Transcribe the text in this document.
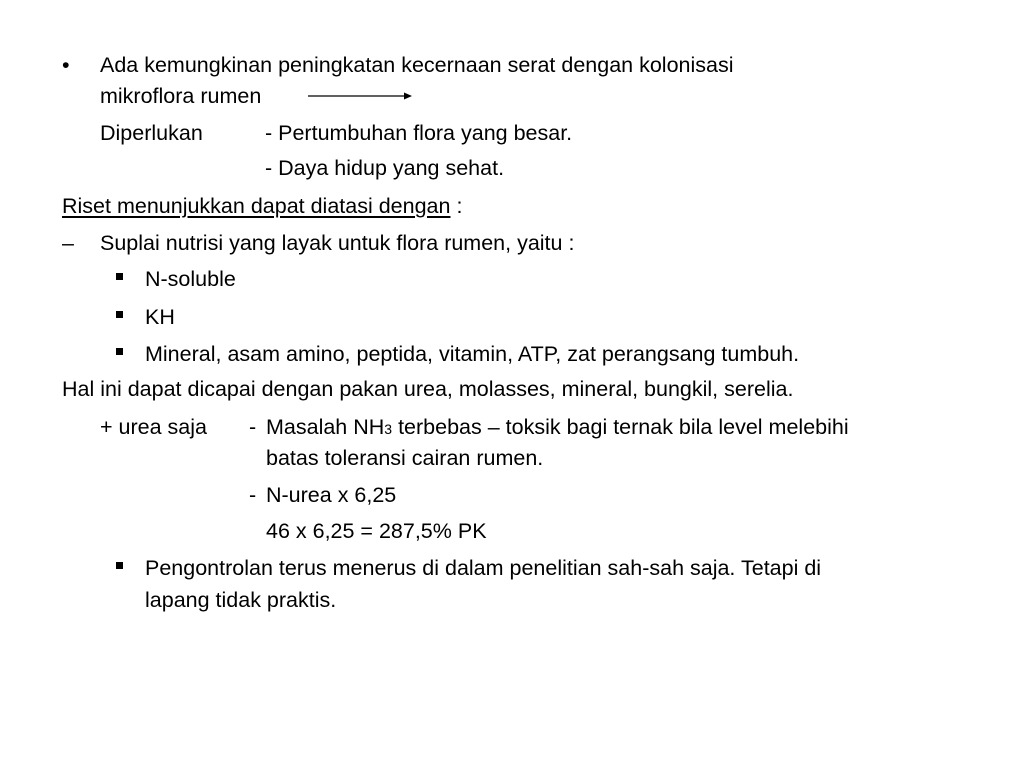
• Ada kemungkinan peningkatan kecernaan serat dengan kolonisasi
mikroflora rumen
Diperlukan	- Pertumbuhan flora yang besar.
- Daya hidup yang sehat.
Riset menunjukkan dapat diatasi dengan :
– Suplai nutrisi yang layak untuk flora rumen, yaitu :
N-soluble
KH
Mineral, asam amino, peptida, vitamin, ATP, zat perangsang tumbuh.
Hal ini dapat dicapai dengan pakan urea, molasses, mineral, bungkil, serelia.
+ urea saja - Masalah NH3 terbebas – toksik bagi ternak bila level melebihi
batas toleransi cairan rumen.
- N-urea x 6,25
46 x 6,25 = 287,5% PK
Pengontrolan terus menerus di dalam penelitian sah-sah saja. Tetapi di
lapang tidak praktis.
